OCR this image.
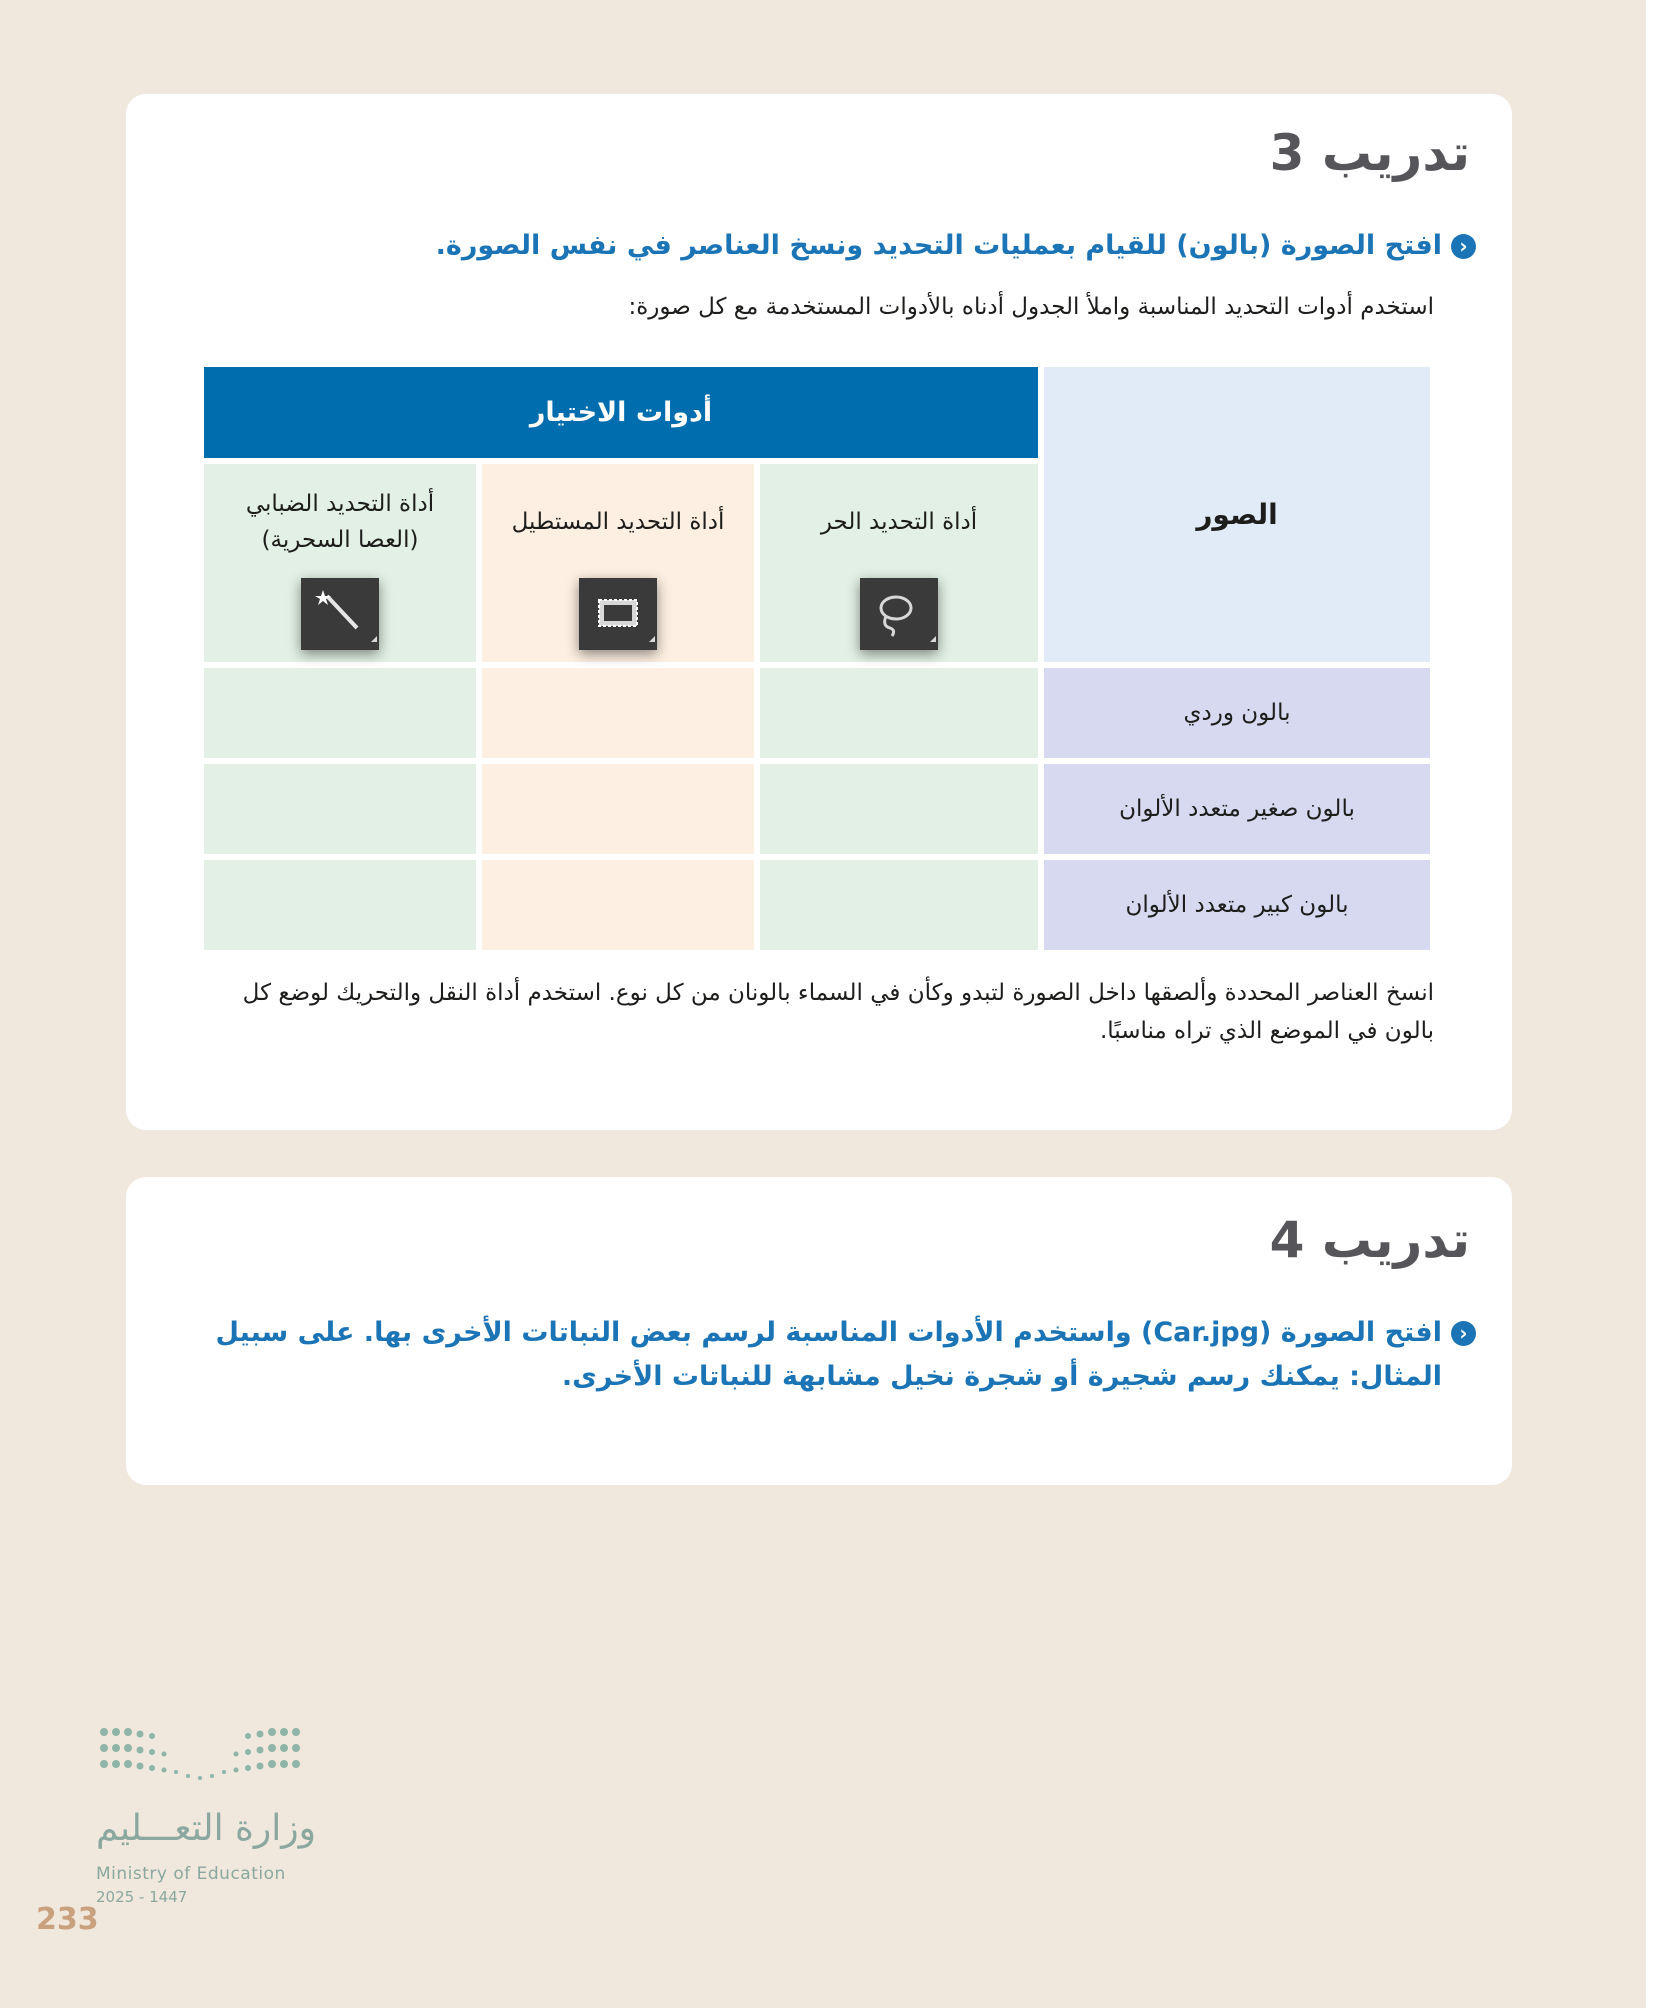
تدريب 3

‹
افتح الصورة (بالون) للقيام بعمليات التحديد ونسخ العناصر في نفس الصورة.

استخدم أدوات التحديد المناسبة واملأ الجدول أدناه بالأدوات المستخدمة مع كل صورة:

الصور
أدوات الاختيار
أداة التحديد الحر
أداة التحديد المستطيل
أداة التحديد الضبابي
(العصا السحرية)
بالون وردي
بالون صغير متعدد الألوان
بالون كبير متعدد الألوان

انسخ العناصر المحددة وألصقها داخل الصورة لتبدو وكأن في السماء بالونان من كل نوع. استخدم أداة النقل والتحريك لوضع كل بالون في الموضع الذي تراه مناسبًا.

تدريب 4

‹
افتح الصورة (Car.jpg) واستخدم الأدوات المناسبة لرسم بعض النباتات الأخرى بها. على سبيل المثال: يمكنك رسم شجيرة أو شجرة نخيل مشابهة للنباتات الأخرى.

وزارة التعـــليم
Ministry of Education
2025 - 1447
233
